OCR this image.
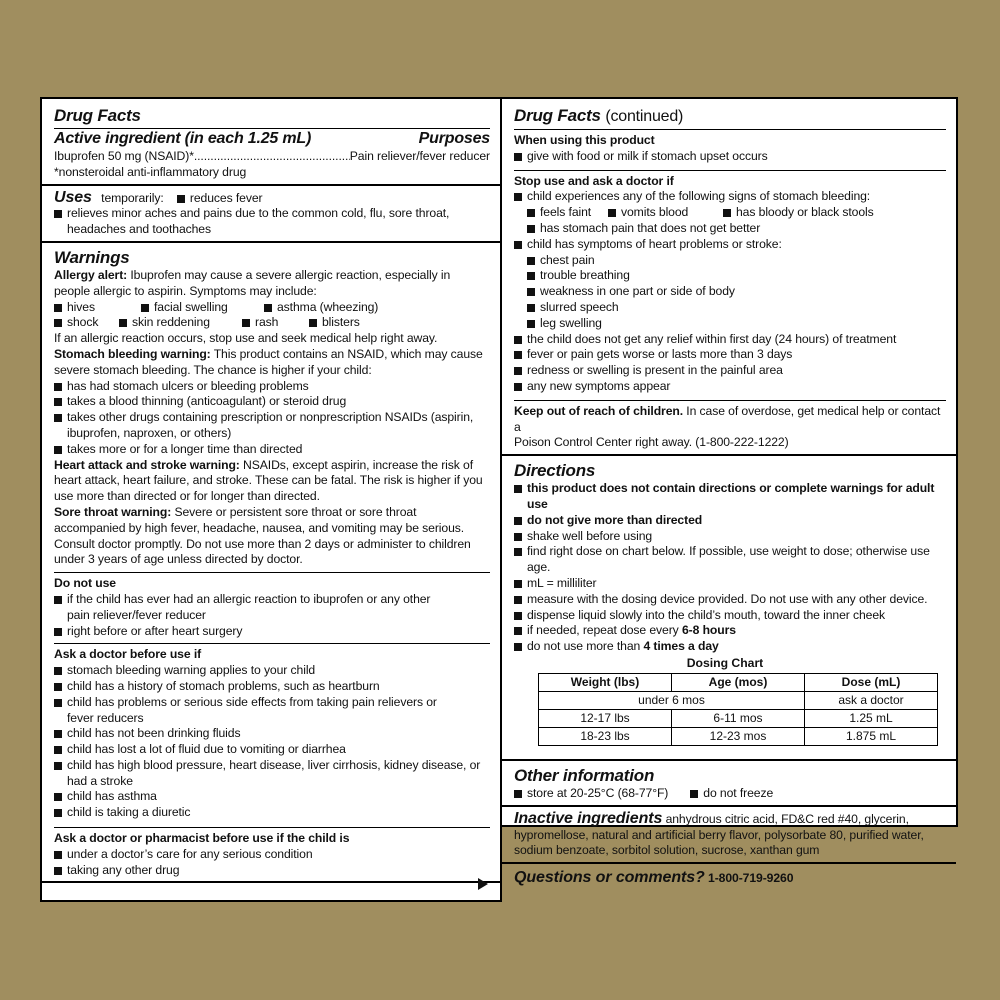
Drug Facts
Active ingredient (in each 1.25 mL)	Purposes
Ibuprofen 50 mg (NSAID)* .....	Pain reliever/fever reducer
*nonsteroidal anti-inflammatory drug
Uses temporarily: reduces fever
relieves minor aches and pains due to the common cold, flu, sore throat,
headaches and toothaches
Warnings
Allergy alert: Ibuprofen may cause a severe allergic reaction, especially in
people allergic to aspirin. Symptoms may include:
hives	facial swelling	asthma (wheezing)
shock	skin reddening	rash	blisters
If an allergic reaction occurs, stop use and seek medical help right away.
Stomach bleeding warning: This product contains an NSAID, which may cause
severe stomach bleeding. The chance is higher if your child:
has had stomach ulcers or bleeding problems
takes a blood thinning (anticoagulant) or steroid drug
takes other drugs containing prescription or nonprescription NSAIDs (aspirin,
ibuprofen, naproxen, or others)
takes more or for a longer time than directed
Heart attack and stroke warning: NSAIDs, except aspirin, increase the risk of
heart attack, heart failure, and stroke. These can be fatal. The risk is higher if you
use more than directed or for longer than directed.
Sore throat warning: Severe or persistent sore throat or sore throat
accompanied by high fever, headache, nausea, and vomiting may be serious.
Consult doctor promptly. Do not use more than 2 days or administer to children
under 3 years of age unless directed by doctor.
Do not use
if the child has ever had an allergic reaction to ibuprofen or any other
pain reliever/fever reducer
right before or after heart surgery
Ask a doctor before use if
stomach bleeding warning applies to your child
child has a history of stomach problems, such as heartburn
child has problems or serious side effects from taking pain relievers or
fever reducers
child has not been drinking fluids
child has lost a lot of fluid due to vomiting or diarrhea
child has high blood pressure, heart disease, liver cirrhosis, kidney disease, or
had a stroke
child has asthma
child is taking a diuretic
Ask a doctor or pharmacist before use if the child is
under a doctor’s care for any serious condition
taking any other drug
Drug Facts (continued)
When using this product
give with food or milk if stomach upset occurs
Stop use and ask a doctor if
child experiences any of the following signs of stomach bleeding:
feels faint	vomits blood	has bloody or black stools
has stomach pain that does not get better
child has symptoms of heart problems or stroke:
chest pain
trouble breathing
weakness in one part or side of body
slurred speech
leg swelling
the child does not get any relief within first day (24 hours) of treatment
fever or pain gets worse or lasts more than 3 days
redness or swelling is present in the painful area
any new symptoms appear
Keep out of reach of children. In case of overdose, get medical help or contact a
Poison Control Center right away. (1-800-222-1222)
Directions
this product does not contain directions or complete warnings for adult use
do not give more than directed
shake well before using
find right dose on chart below. If possible, use weight to dose; otherwise use age.
mL = milliliter
measure with the dosing device provided. Do not use with any other device.
dispense liquid slowly into the child’s mouth, toward the inner cheek
if needed, repeat dose every 6-8 hours
do not use more than 4 times a day
Dosing Chart
Weight (lbs)	Age (mos)	Dose (mL)
under 6 mos		ask a doctor
12-17 lbs	6-11 mos	1.25 mL
18-23 lbs	12-23 mos	1.875 mL
Other information
store at 20-25°C (68-77°F)	do not freeze
Inactive ingredients anhydrous citric acid, FD&C red #40, glycerin,
hypromellose, natural and artificial berry flavor, polysorbate 80, purified water,
sodium benzoate, sorbitol solution, sucrose, xanthan gum
Questions or comments? 1-800-719-9260
